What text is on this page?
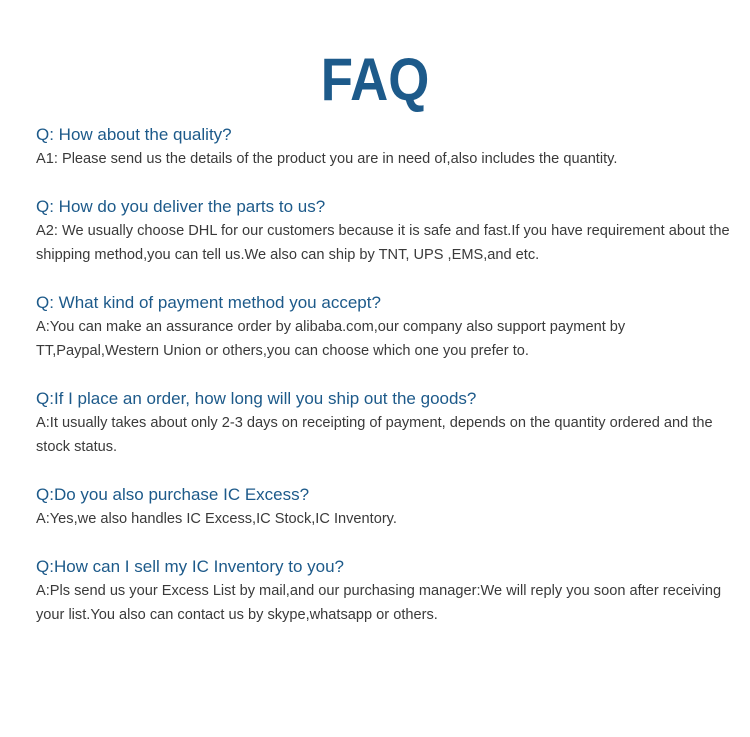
FAQ
Q: How about the quality?
A1: Please send us the details of the product you are in need of,also includes the quantity.
Q: How do you deliver the parts to us?
A2: We usually choose DHL for our customers because it is safe and fast.If you have requirement about the shipping method,you can tell us.We also can ship by TNT, UPS ,EMS,and etc.
Q: What kind of payment method you accept?
A:You can make an assurance order by alibaba.com,our company also support payment by TT,Paypal,Western Union or others,you can choose which one you prefer to.
Q:If I place an order, how long will you ship out the goods?
A:It usually takes about only 2-3 days on receipting of payment, depends on the quantity ordered and the stock status.
Q:Do you also purchase IC Excess?
A:Yes,we also handles IC Excess,IC Stock,IC Inventory.
Q:How can I sell my IC Inventory to you?
A:Pls send us your Excess List by mail,and our purchasing manager:We will reply you soon after receiving your list.You also can contact us by skype,whatsapp or others.
